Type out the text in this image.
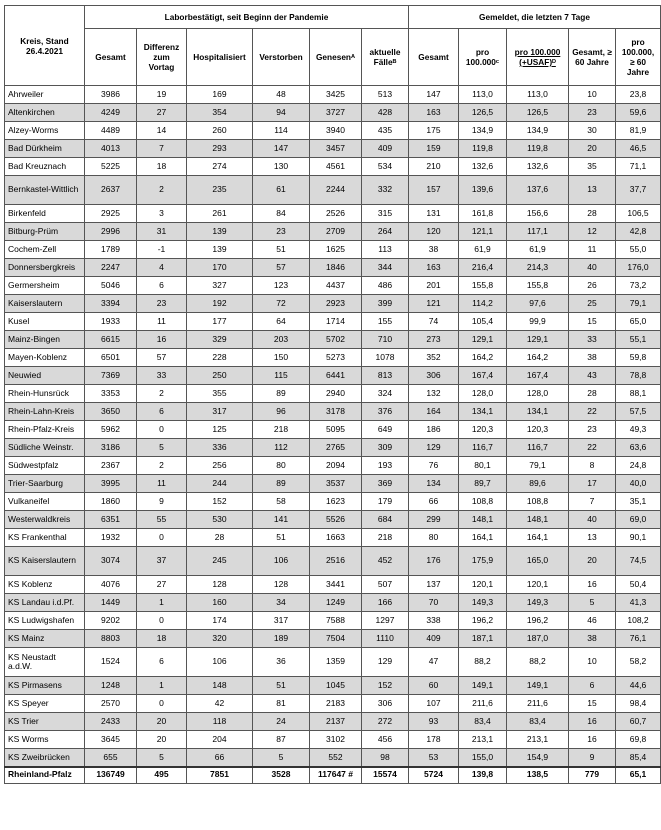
Kreis, Stand 26.4.2021	Laborbestätigt, seit Beginn der Pandemie						Gemeldet, die letzten 7 Tage				
	Gesamt	Differenz zum Vortag	Hospitalisiert	Verstorben	Genesenᴬ	aktuelle Fälleᴮ	Gesamt	pro 100.000ᶜ	pro 100.000 (+USAF)ᴰ	Gesamt, ≥ 60 Jahre	pro 100.000, ≥ 60 Jahre
Ahrweiler	3986	19	169	48	3425	513	147	113,0	113,0	10	23,8
Altenkirchen	4249	27	354	94	3727	428	163	126,5	126,5	23	59,6
Alzey-Worms	4489	14	260	114	3940	435	175	134,9	134,9	30	81,9
Bad Dürkheim	4013	7	293	147	3457	409	159	119,8	119,8	20	46,5
Bad Kreuznach	5225	18	274	130	4561	534	210	132,6	132,6	35	71,1
Bernkastel-Wittlich	2637	2	235	61	2244	332	157	139,6	137,6	13	37,7
Birkenfeld	2925	3	261	84	2526	315	131	161,8	156,6	28	106,5
Bitburg-Prüm	2996	31	139	23	2709	264	120	121,1	117,1	12	42,8
Cochem-Zell	1789	-1	139	51	1625	113	38	61,9	61,9	11	55,0
Donnersbergkreis	2247	4	170	57	1846	344	163	216,4	214,3	40	176,0
Germersheim	5046	6	327	123	4437	486	201	155,8	155,8	26	73,2
Kaiserslautern	3394	23	192	72	2923	399	121	114,2	97,6	25	79,1
Kusel	1933	11	177	64	1714	155	74	105,4	99,9	15	65,0
Mainz-Bingen	6615	16	329	203	5702	710	273	129,1	129,1	33	55,1
Mayen-Koblenz	6501	57	228	150	5273	1078	352	164,2	164,2	38	59,8
Neuwied	7369	33	250	115	6441	813	306	167,4	167,4	43	78,8
Rhein-Hunsrück	3353	2	355	89	2940	324	132	128,0	128,0	28	88,1
Rhein-Lahn-Kreis	3650	6	317	96	3178	376	164	134,1	134,1	22	57,5
Rhein-Pfalz-Kreis	5962	0	125	218	5095	649	186	120,3	120,3	23	49,3
Südliche Weinstr.	3186	5	336	112	2765	309	129	116,7	116,7	22	63,6
Südwestpfalz	2367	2	256	80	2094	193	76	80,1	79,1	8	24,8
Trier-Saarburg	3995	11	244	89	3537	369	134	89,7	89,6	17	40,0
Vulkaneifel	1860	9	152	58	1623	179	66	108,8	108,8	7	35,1
Westerwaldkreis	6351	55	530	141	5526	684	299	148,1	148,1	40	69,0
KS Frankenthal	1932	0	28	51	1663	218	80	164,1	164,1	13	90,1
KS Kaiserslautern	3074	37	245	106	2516	452	176	175,9	165,0	20	74,5
KS Koblenz	4076	27	128	128	3441	507	137	120,1	120,1	16	50,4
KS Landau i.d.Pf.	1449	1	160	34	1249	166	70	149,3	149,3	5	41,3
KS Ludwigshafen	9202	0	174	317	7588	1297	338	196,2	196,2	46	108,2
KS Mainz	8803	18	320	189	7504	1110	409	187,1	187,0	38	76,1
KS Neustadt a.d.W.	1524	6	106	36	1359	129	47	88,2	88,2	10	58,2
KS Pirmasens	1248	1	148	51	1045	152	60	149,1	149,1	6	44,6
KS Speyer	2570	0	42	81	2183	306	107	211,6	211,6	15	98,4
KS Trier	2433	20	118	24	2137	272	93	83,4	83,4	16	60,7
KS Worms	3645	20	204	87	3102	456	178	213,1	213,1	16	69,8
KS Zweibrücken	655	5	66	5	552	98	53	155,0	154,9	9	85,4
Rheinland-Pfalz	136749	495	7851	3528	117647 #	15574	5724	139,8	138,5	779	65,1
